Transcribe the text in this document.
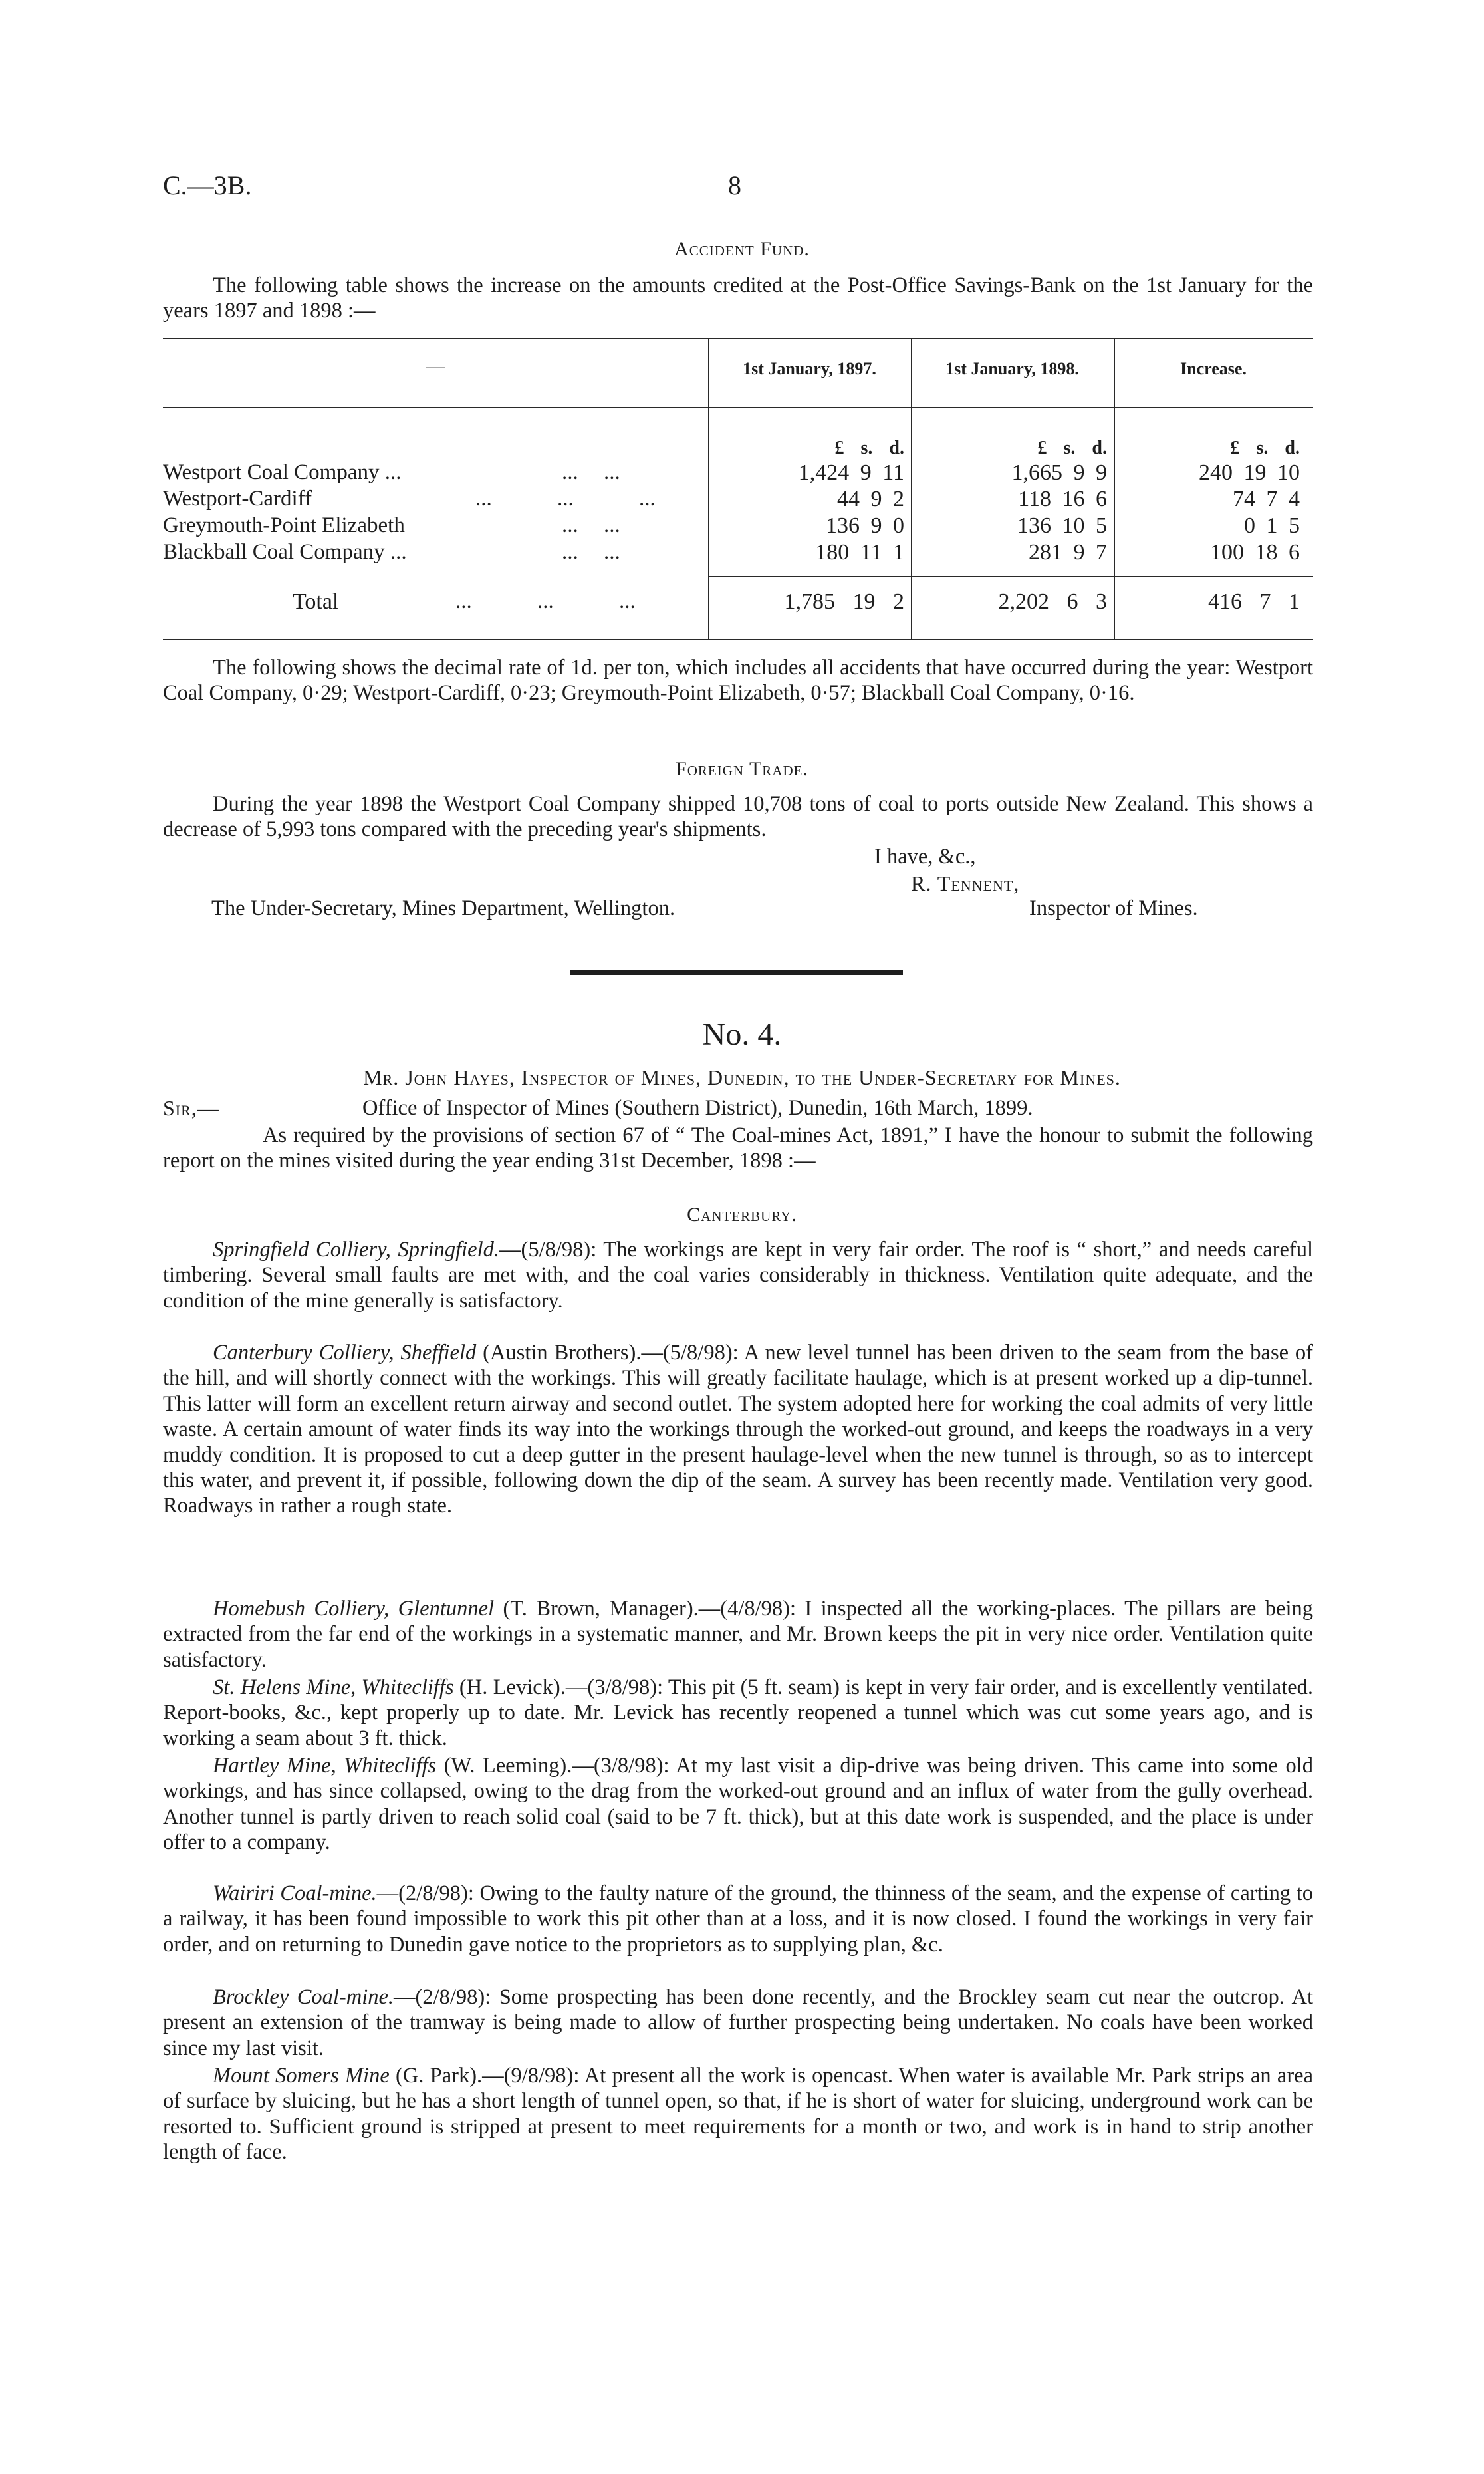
C.—3B.	8
Accident Fund.
The following table shows the increase on the amounts credited at the Post-Office Savings-Bank on the 1st January for the years 1897 and 1898 :—
—	1st January, 1897.	1st January, 1898.	Increase.
£ s. d.	£ s. d.	£ s. d.
Westport Coal Company ...	... ...	1,424 9 11	1,665 9 9	240 19 10
Westport-Cardiff	... ... ...	44 9 2	118 16 6	74 7 4
Greymouth-Point Elizabeth	... ...	136 9 0	136 10 5	0 1 5
Blackball Coal Company ...	... ...	180 11 1	281 9 7	100 18 6
Total	... ... ...	1,785 19 2	2,202 6 3	416 7 1
The following shows the decimal rate of 1d. per ton, which includes all accidents that have occurred during the year: Westport Coal Company, 0·29; Westport-Cardiff, 0·23; Greymouth-Point Elizabeth, 0·57; Blackball Coal Company, 0·16.
Foreign Trade.
During the year 1898 the Westport Coal Company shipped 10,708 tons of coal to ports outside New Zealand. This shows a decrease of 5,993 tons compared with the preceding year's shipments.
I have, &c.,
R. Tennent,
The Under-Secretary, Mines Department, Wellington.	Inspector of Mines.
No. 4.
Mr. John Hayes, Inspector of Mines, Dunedin, to the Under-Secretary for Mines.
Sir,—	Office of Inspector of Mines (Southern District), Dunedin, 16th March, 1899.
As required by the provisions of section 67 of “ The Coal-mines Act, 1891,” I have the honour to submit the following report on the mines visited during the year ending 31st December, 1898 :—
Canterbury.
Springfield Colliery, Springfield.—(5/8/98): The workings are kept in very fair order. The roof is “ short,” and needs careful timbering. Several small faults are met with, and the coal varies considerably in thickness. Ventilation quite adequate, and the condition of the mine generally is satisfactory.
Canterbury Colliery, Sheffield (Austin Brothers).—(5/8/98): A new level tunnel has been driven to the seam from the base of the hill, and will shortly connect with the workings. This will greatly facilitate haulage, which is at present worked up a dip-tunnel. This latter will form an excellent return airway and second outlet. The system adopted here for working the coal admits of very little waste. A certain amount of water finds its way into the workings through the worked-out ground, and keeps the roadways in a very muddy condition. It is proposed to cut a deep gutter in the present haulage-level when the new tunnel is through, so as to intercept this water, and prevent it, if possible, following down the dip of the seam. A survey has been recently made. Ventilation very good. Roadways in rather a rough state.
Homebush Colliery, Glentunnel (T. Brown, Manager).—(4/8/98): I inspected all the working-places. The pillars are being extracted from the far end of the workings in a systematic manner, and Mr. Brown keeps the pit in very nice order. Ventilation quite satisfactory.
St. Helens Mine, Whitecliffs (H. Levick).—(3/8/98): This pit (5 ft. seam) is kept in very fair order, and is excellently ventilated. Report-books, &c., kept properly up to date. Mr. Levick has recently reopened a tunnel which was cut some years ago, and is working a seam about 3 ft. thick.
Hartley Mine, Whitecliffs (W. Leeming).—(3/8/98): At my last visit a dip-drive was being driven. This came into some old workings, and has since collapsed, owing to the drag from the worked-out ground and an influx of water from the gully overhead. Another tunnel is partly driven to reach solid coal (said to be 7 ft. thick), but at this date work is suspended, and the place is under offer to a company.
Wairiri Coal-mine.—(2/8/98): Owing to the faulty nature of the ground, the thinness of the seam, and the expense of carting to a railway, it has been found impossible to work this pit other than at a loss, and it is now closed. I found the workings in very fair order, and on returning to Dunedin gave notice to the proprietors as to supplying plan, &c.
Brockley Coal-mine.—(2/8/98): Some prospecting has been done recently, and the Brockley seam cut near the outcrop. At present an extension of the tramway is being made to allow of further prospecting being undertaken. No coals have been worked since my last visit.
Mount Somers Mine (G. Park).—(9/8/98): At present all the work is opencast. When water is available Mr. Park strips an area of surface by sluicing, but he has a short length of tunnel open, so that, if he is short of water for sluicing, underground work can be resorted to. Sufficient ground is stripped at present to meet requirements for a month or two, and work is in hand to strip another length of face.
